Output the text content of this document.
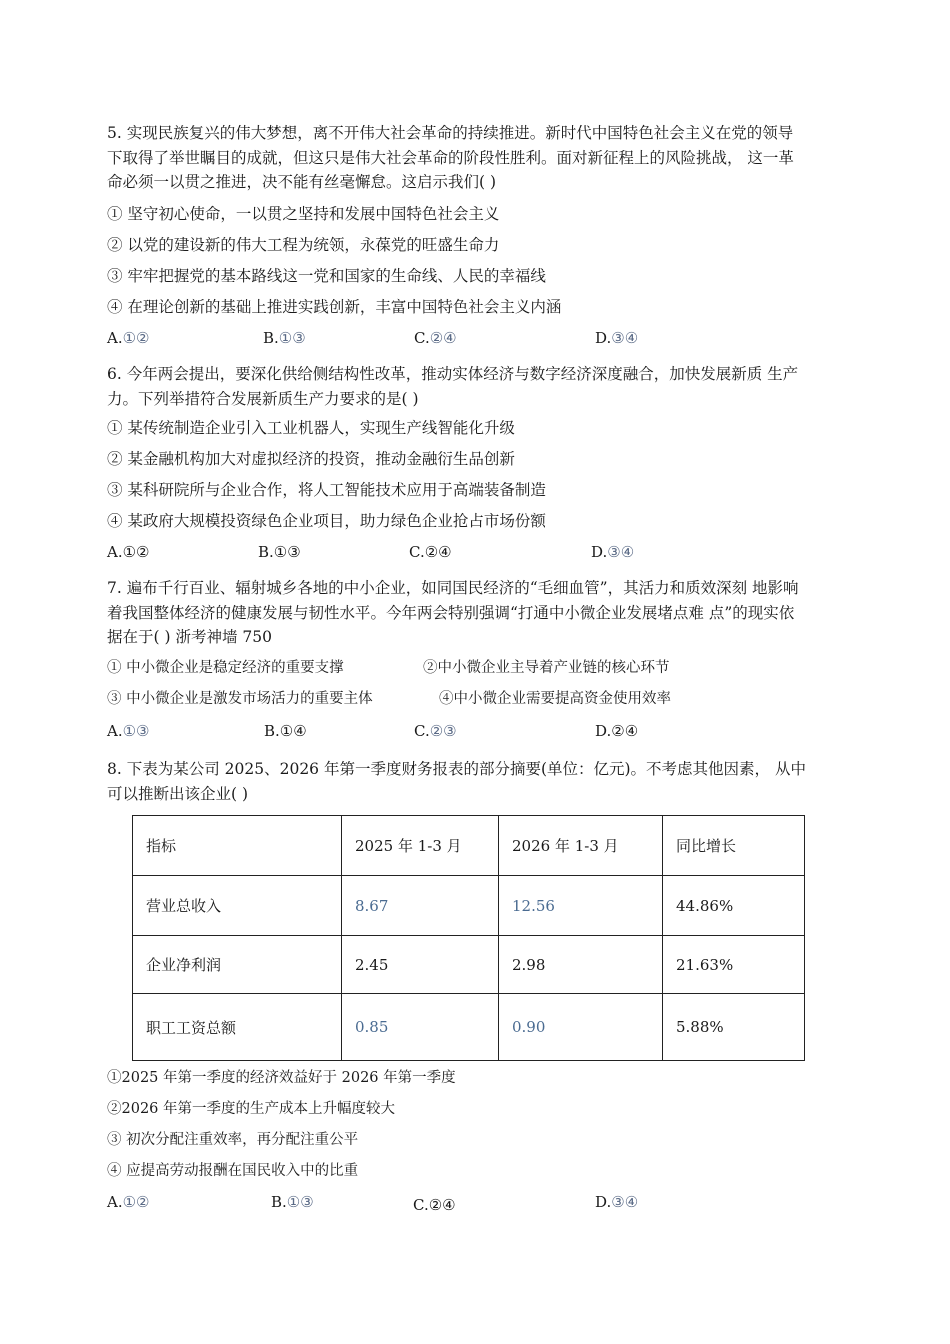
5. 实现民族复兴的伟大梦想，离不开伟大社会革命的持续推进。新时代中国特色社会主义在党的领导下取得了举世瞩目的成就，但这只是伟大社会革命的阶段性胜利。面对新征程上的风险挑战， 这一革命必须一以贯之推进，决不能有丝毫懈怠。这启示我们( )

① 坚守初心使命，一以贯之坚持和发展中国特色社会主义
② 以党的建设新的伟大工程为统领，永葆党的旺盛生命力
③ 牢牢把握党的基本路线这一党和国家的生命线、人民的幸福线
④ 在理论创新的基础上推进实践创新，丰富中国特色社会主义内涵
A.①②	B.①③	C.②④	D.③④

6. 今年两会提出，要深化供给侧结构性改革，推动实体经济与数字经济深度融合，加快发展新质 生产力。下列举措符合发展新质生产力要求的是( )

① 某传统制造企业引入工业机器人，实现生产线智能化升级
② 某金融机构加大对虚拟经济的投资，推动金融衍生品创新
③ 某科研院所与企业合作，将人工智能技术应用于高端装备制造
④ 某政府大规模投资绿色企业项目，助力绿色企业抢占市场份额
A.①②	B.①③	C.②④	D.③④

7. 遍布千行百业、辐射城乡各地的中小企业，如同国民经济的“毛细血管”，其活力和质效深刻 地影响着我国整体经济的健康发展与韧性水平。今年两会特别强调“打通中小微企业发展堵点难 点”的现实依据在于( ) 浙考神墙 750

① 中小微企业是稳定经济的重要支撑	②中小微企业主导着产业链的核心环节
③ 中小微企业是激发市场活力的重要主体	④中小微企业需要提高资金使用效率
A.①③	B.①④	C.②③	D.②④

8. 下表为某公司 2025、2026 年第一季度财务报表的部分摘要(单位：亿元)。不考虑其他因素， 从中可以推断出该企业( )

指标	2025 年 1-3 月	2026 年 1-3 月	同比增长
营业总收入	8.67	12.56	44.86%
企业净利润	2.45	2.98	21.63%
职工工资总额	0.85	0.90	5.88%
①2025 年第一季度的经济效益好于 2026 年第一季度
②2026 年第一季度的生产成本上升幅度较大
③ 初次分配注重效率，再分配注重公平
④ 应提高劳动报酬在国民收入中的比重
A.①②	B.①③	C.②④	D.③④
